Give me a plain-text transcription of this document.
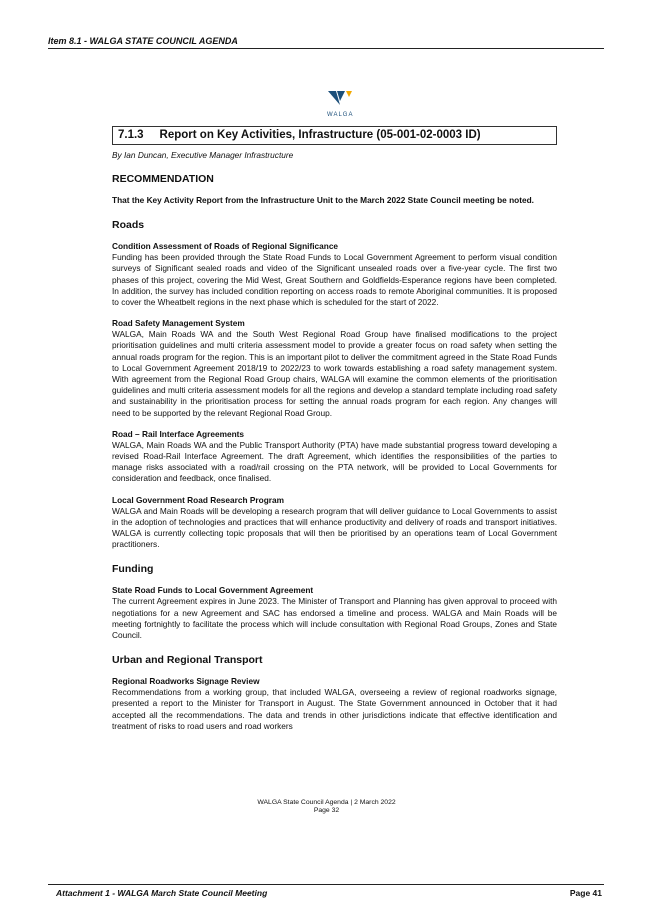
Item 8.1 - WALGA STATE COUNCIL AGENDA
WALGA
7.1.3     Report on Key Activities, Infrastructure (05-001-02-0003 ID)
By Ian Duncan, Executive Manager Infrastructure
RECOMMENDATION
That the Key Activity Report from the Infrastructure Unit to the March 2022 State Council meeting be noted.
Roads
Condition Assessment of Roads of Regional Significance
Funding has been provided through the State Road Funds to Local Government Agreement to perform visual condition surveys of Significant sealed roads and video of the Significant unsealed roads over a five-year cycle. The first two phases of this project, covering the Mid West, Great Southern and Goldfields-Esperance regions have been completed. In addition, the survey has included condition reporting on access roads to remote Aboriginal communities. It is proposed to cover the Wheatbelt regions in the next phase which is scheduled for the start of 2022.
Road Safety Management System
WALGA, Main Roads WA and the South West Regional Road Group have finalised modifications to the project prioritisation guidelines and multi criteria assessment model to provide a greater focus on road safety when setting the annual roads program for the region. This is an important pilot to deliver the commitment agreed in the State Road Funds to Local Government Agreement 2018/19 to 2022/23 to work towards establishing a road safety management system. With agreement from the Regional Road Group chairs, WALGA will examine the common elements of the prioritisation guidelines and multi criteria assessment models for all the regions and develop a standard template including road safety and sustainability in the prioritisation process for setting the annual roads program for each region. Any changes will need to be supported by the relevant Regional Road Group.
Road – Rail Interface Agreements
WALGA, Main Roads WA and the Public Transport Authority (PTA) have made substantial progress toward developing a revised Road-Rail Interface Agreement. The draft Agreement, which identifies the responsibilities of the parties to manage risks associated with a road/rail crossing on the PTA network, will be provided to Local Governments for consideration and feedback, once finalised.
Local Government Road Research Program
WALGA and Main Roads will be developing a research program that will deliver guidance to Local Governments to assist in the adoption of technologies and practices that will enhance productivity and delivery of roads and transport initiatives. WALGA is currently collecting topic proposals that will then be prioritised by an operations team of Local Government practitioners.
Funding
State Road Funds to Local Government Agreement
The current Agreement expires in June 2023. The Minister of Transport and Planning has given approval to proceed with negotiations for a new Agreement and SAC has endorsed a timeline and process. WALGA and Main Roads will be meeting fortnightly to facilitate the process which will include consultation with Regional Road Groups, Zones and State Council.
Urban and Regional Transport
Regional Roadworks Signage Review
Recommendations from a working group, that included WALGA, overseeing a review of regional roadworks signage, presented a report to the Minister for Transport in August. The State Government announced in October that it had accepted all the recommendations. The data and trends in other jurisdictions indicate that effective identification and treatment of risks to road users and road workers
WALGA State Council Agenda | 2 March 2022
Page 32
Attachment 1 - WALGA March State Council Meeting	Page 41
